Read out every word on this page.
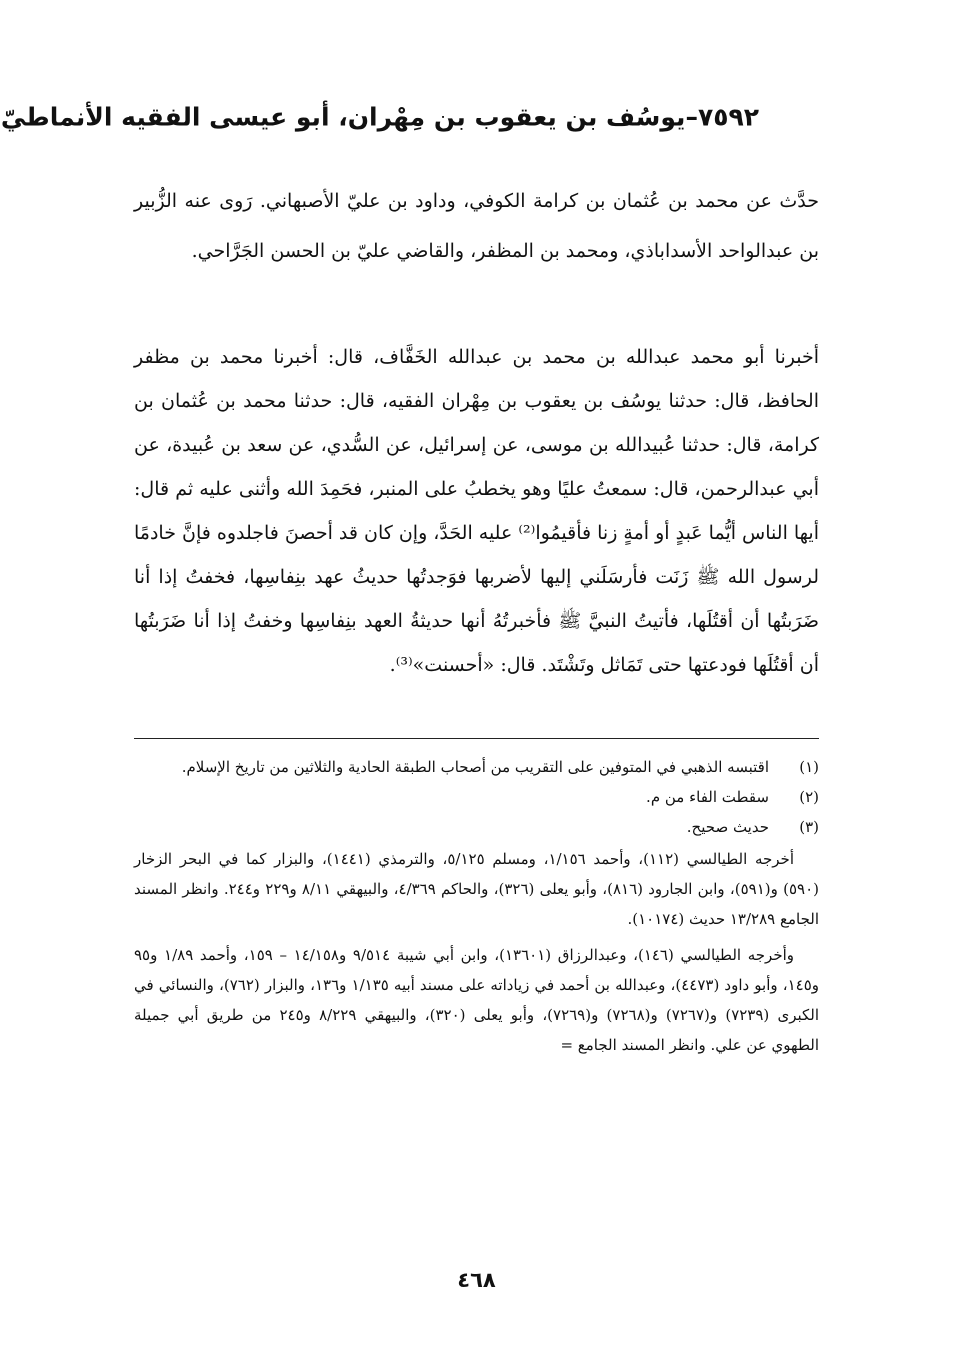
٧٥٩٢–يوسُف بن يعقوب بن مِهْران، أبو عيسى الفقيه الأنماطيّ

حدَّث عن محمد بن عُثمان بن كرامة الكوفي، وداود بن عليّ الأصبهاني. رَوى عنه الزُّبير بن عبدالواحد الأسداباذي، ومحمد بن المظفر، والقاضي عليّ بن الحسن الجَرَّاحي.

أخبرنا أبو محمد عبدالله بن محمد بن عبدالله الخَفَّاف، قال: أخبرنا محمد بن مظفر الحافظ، قال: حدثنا يوسُف بن يعقوب بن مِهْران الفقيه، قال: حدثنا محمد بن عُثمان بن كرامة، قال: حدثنا عُبيدالله بن موسى، عن إسرائيل، عن السُّدي، عن سعد بن عُبيدة، عن أبي عبدالرحمن، قال: سمعتُ عليًا وهو يخطبُ على المنبر، فحَمِدَ الله وأثنى عليه ثم قال: أيها الناس أيُّما عَبدٍ أو أمةٍ زنا فأقيمُوا⁽²⁾ عليه الحَدَّ، وإن كان قد أحصنَ فاجلدوه فإنَّ خادمًا لرسول الله ﷺ زَنَت فأرسَلَني إليها لأضربها فوَجدتُها حديثُ عهد بنِفاسِها، فخفتُ إذا أنا ضَرَبتُها أن أقتُلَها، فأتيتُ النبيَّ ﷺ فأخبرتُهُ أنها حديثةُ العهد بنِفاسِها وخفتُ إذا أنا ضَرَبتُها أن أقتُلَها فودعتها حتى تَمَاثل وتَشْتَد. قال: «أحسنت»⁽³⁾.

(١)
اقتبسه الذهبي في المتوفين على التقريب من أصحاب الطبقة الحادية والثلاثين من تاريخ الإسلام.
(٢)
سقطت الفاء من م.
(٣)
حديث صحيح.

أخرجه الطيالسي (١١٢)، وأحمد ١/١٥٦، ومسلم ٥/١٢٥، والترمذي (١٤٤١)، والبزار كما في البحر الزخار (٥٩٠) و(٥٩١)، وابن الجارود (٨١٦)، وأبو يعلى (٣٢٦)، والحاكم ٤/٣٦٩، والبيهقي ٨/١١ و٢٢٩ و٢٤٤. وانظر المسند الجامع ١٣/٢٨٩ حديث (١٠١٧٤).

وأخرجه الطيالسي (١٤٦)، وعبدالرزاق (١٣٦٠١)، وابن أبي شيبة ٩/٥١٤ و١٤/١٥٨ – ١٥٩، وأحمد ١/٨٩ و٩٥ و١٤٥، وأبو داود (٤٤٧٣)، وعبدالله بن أحمد في زياداته على مسند أبيه ١/١٣٥ و١٣٦، والبزار (٧٦٢)، والنسائي في الكبرى (٧٢٣٩) و(٧٢٦٧) و(٧٢٦٨) و(٧٢٦٩)، وأبو يعلى (٣٢٠)، والبيهقي ٨/٢٢٩ و٢٤٥ من طريق أبي جميلة الطهوي عن علي. وانظر المسند الجامع =

٤٦٨
